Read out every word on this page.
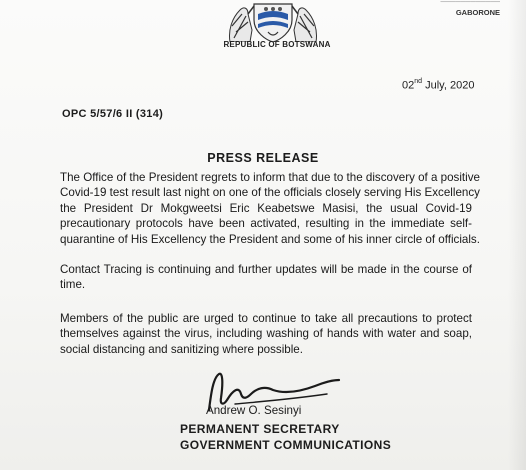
REPUBLIC OF BOTSWANA
────────────
GABORONE
02nd July, 2020
OPC 5/57/6 II (314)
PRESS RELEASE
The Office of the President regrets to inform that due to the discovery of a positive
Covid-19 test result last night on one of the officials closely serving His Excellency
the President Dr Mokgweetsi Eric Keabetswe Masisi, the usual Covid-19
precautionary protocols have been activated, resulting in the immediate self-
quarantine of His Excellency the President and some of his inner circle of officials.
Contact Tracing is continuing and further updates will be made in the course of
time.
Members of the public are urged to continue to take all precautions to protect
themselves against the virus, including washing of hands with water and soap,
social distancing and sanitizing where possible.
Andrew O. Sesinyi
PERMANENT SECRETARY
GOVERNMENT COMMUNICATIONS
